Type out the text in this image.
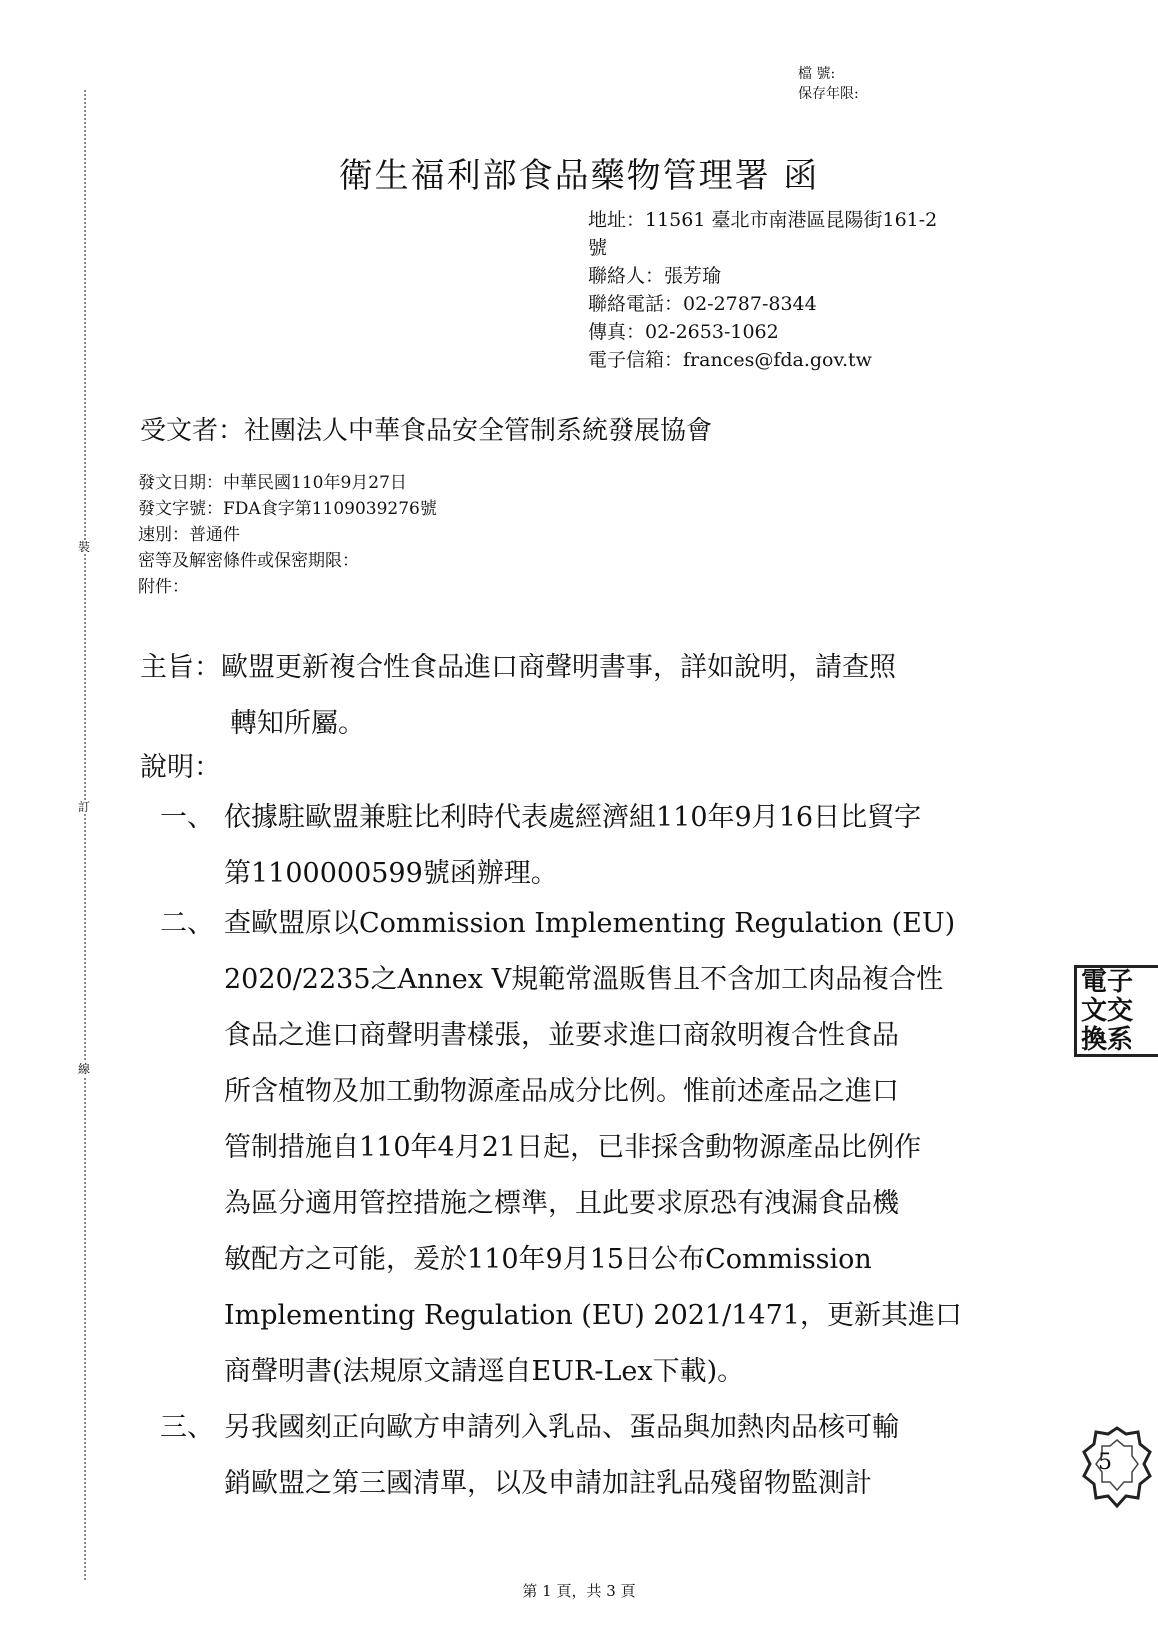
裝
訂
線
檔 號:
保存年限:
衛生福利部食品藥物管理署 函
地址：11561 臺北市南港區昆陽街161-2
號
聯絡人：張芳瑜
聯絡電話：02-2787-8344
傳真：02-2653-1062
電子信箱：frances@fda.gov.tw
受文者：社團法人中華食品安全管制系統發展協會
發文日期：中華民國110年9月27日
發文字號：FDA食字第1109039276號
速別：普通件
密等及解密條件或保密期限：
附件：
主旨：歐盟更新複合性食品進口商聲明書事，詳如說明，請查照
轉知所屬。
說明：
一、 依據駐歐盟兼駐比利時代表處經濟組110年9月16日比貿字
第1100000599號函辦理。
二、 查歐盟原以Commission Implementing Regulation (EU)
2020/2235之Annex V規範常溫販售且不含加工肉品複合性
食品之進口商聲明書樣張，並要求進口商敘明複合性食品
所含植物及加工動物源產品成分比例。惟前述產品之進口
管制措施自110年4月21日起，已非採含動物源產品比例作
為區分適用管控措施之標準，且此要求原恐有洩漏食品機
敏配方之可能，爰於110年9月15日公布Commission
Implementing Regulation (EU) 2021/1471，更新其進口
商聲明書(法規原文請逕自EUR-Lex下載)。
三、 另我國刻正向歐方申請列入乳品、蛋品與加熱肉品核可輸
銷歐盟之第三國清單，以及申請加註乳品殘留物監測計
電子
文交
換系
5
第 1 頁，共 3 頁
